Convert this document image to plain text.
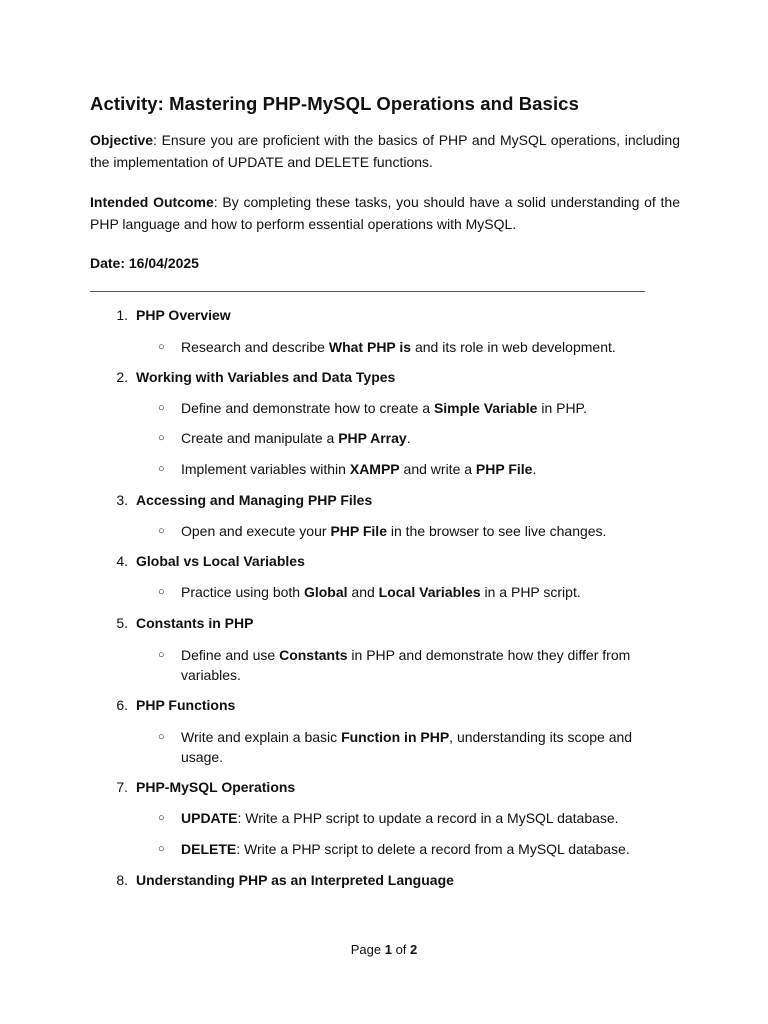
Activity: Mastering PHP-MySQL Operations and Basics

Objective: Ensure you are proficient with the basics of PHP and MySQL operations, including the implementation of UPDATE and DELETE functions.

Intended Outcome: By completing these tasks, you should have a solid understanding of the PHP language and how to perform essential operations with MySQL.

Date: 16/04/2025

1. PHP Overview
○ Research and describe What PHP is and its role in web development.
2. Working with Variables and Data Types
○ Define and demonstrate how to create a Simple Variable in PHP.
○ Create and manipulate a PHP Array.
○ Implement variables within XAMPP and write a PHP File.
3. Accessing and Managing PHP Files
○ Open and execute your PHP File in the browser to see live changes.
4. Global vs Local Variables
○ Practice using both Global and Local Variables in a PHP script.
5. Constants in PHP
○ Define and use Constants in PHP and demonstrate how they differ from variables.
6. PHP Functions
○ Write and explain a basic Function in PHP, understanding its scope and usage.
7. PHP-MySQL Operations
○ UPDATE: Write a PHP script to update a record in a MySQL database.
○ DELETE: Write a PHP script to delete a record from a MySQL database.
8. Understanding PHP as an Interpreted Language
Page 1 of 2
